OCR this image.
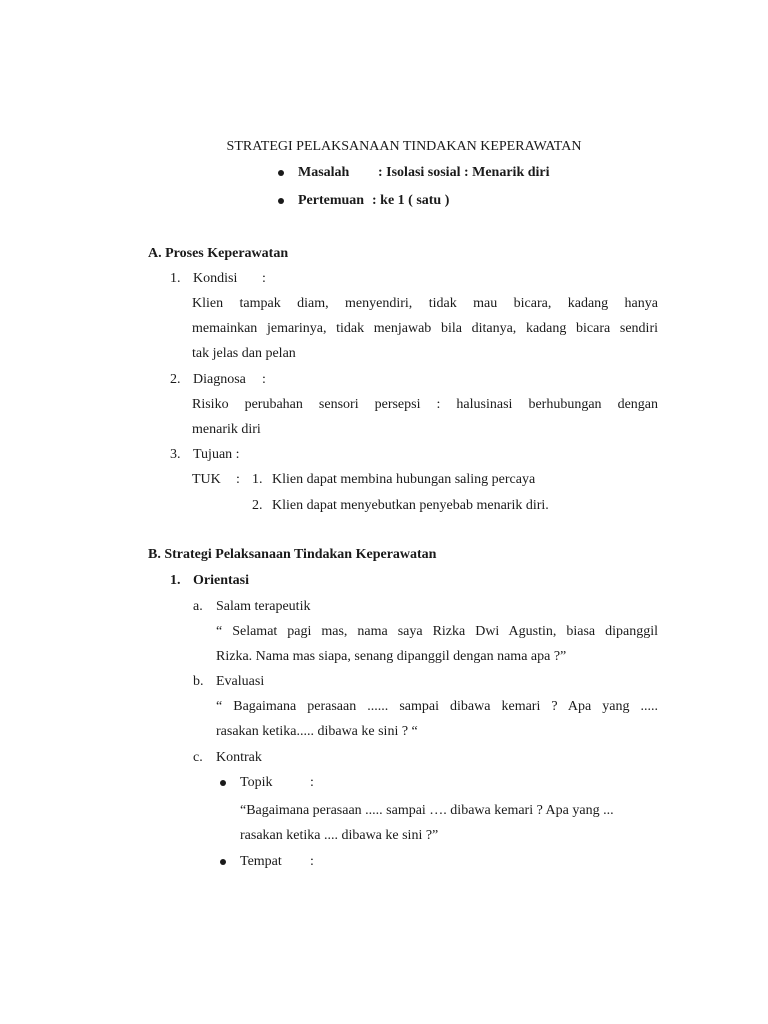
STRATEGI PELAKSANAAN TINDAKAN KEPERAWATAN
Masalah : Isolasi sosial : Menarik diri
Pertemuan : ke 1 ( satu )
A. Proses Keperawatan
1. Kondisi :
Klien tampak diam, menyendiri, tidak mau bicara, kadang hanya
memainkan jemarinya, tidak menjawab bila ditanya, kadang bicara sendiri
tak jelas dan pelan
2. Diagnosa :
Risiko perubahan sensori persepsi : halusinasi berhubungan dengan
menarik diri
3. Tujuan :
TUK : 1. Klien dapat membina hubungan saling percaya
2. Klien dapat menyebutkan penyebab menarik diri.
B. Strategi Pelaksanaan Tindakan Keperawatan
1. Orientasi
a. Salam terapeutik
“ Selamat pagi mas, nama saya Rizka Dwi Agustin, biasa dipanggil
Rizka. Nama mas siapa, senang dipanggil dengan nama apa ?”
b. Evaluasi
“ Bagaimana perasaan ...... sampai dibawa kemari ? Apa yang .....
rasakan ketika..... dibawa ke sini ? “
c. Kontrak
Topik	:
“Bagaimana perasaan ..... sampai …. dibawa kemari ? Apa yang ...
rasakan ketika .... dibawa ke sini ?”
Tempat :
